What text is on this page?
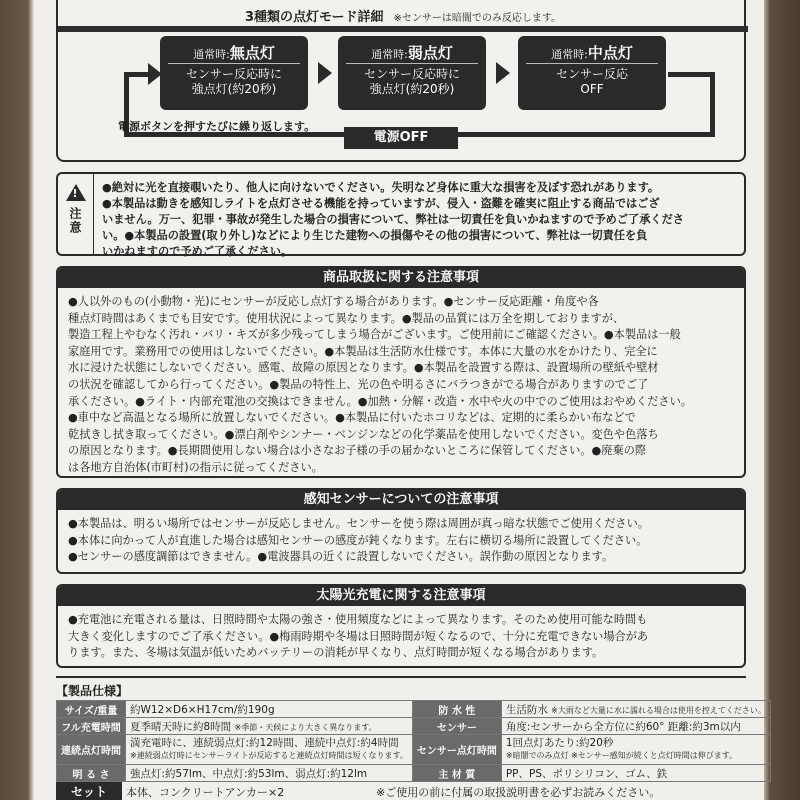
3種類の点灯モード詳細 ※センサーは暗闇でのみ反応します。
通常時:無点灯
センサー反応時に
強点灯(約20秒)
通常時:弱点灯
センサー反応時に
強点灯(約20秒)
通常時:中点灯
センサー反応
OFF
電源ボタンを押すたびに繰り返します。
電源OFF
!
注意

●絶対に光を直接覗いたり、他人に向けないでください。失明など身体に重大な損害を及ぼす恐れがあります。

●本製品は動きを感知しライトを点灯させる機能を持っていますが、侵入・盗難を確実に阻止する商品ではござ

いません。万一、犯罪・事故が発生した場合の損害について、弊社は一切責任を負いかねますので予めご了承くださ

い。●本製品の設置(取り外し)などにより生じた建物への損傷やその他の損害について、弊社は一切責任を負

いかねますので予めご了承ください。

商品取扱に関する注意事項

●人以外のもの(小動物・光)にセンサーが反応し点灯する場合があります。●センサー反応距離・角度や各

種点灯時間はあくまでも目安です。使用状況によって異なります。●製品の品質には万全を期しておりますが、

製造工程上やむなく汚れ・バリ・キズが多少残ってしまう場合がございます。ご使用前にご確認ください。●本製品は一般

家庭用です。業務用での使用はしないでください。●本製品は生活防水仕様です。本体に大量の水をかけたり、完全に

水に浸けた状態にしないでください。感電、故障の原因となります。●本製品を設置する際は、設置場所の壁紙や壁材

の状況を確認してから行ってください。●製品の特性上、光の色や明るさにバラつきがでる場合がありますのでご了

承ください。●ライト・内部充電池の交換はできません。●加熱・分解・改造・水中や火の中でのご使用はおやめください。

●車中など高温となる場所に放置しないでください。●本製品に付いたホコリなどは、定期的に柔らかい布などで

乾拭きし拭き取ってください。●漂白剤やシンナー・ベンジンなどの化学薬品を使用しないでください。変色や色落ち

の原因となります。●長期間使用しない場合は小さなお子様の手の届かないところに保管してください。●廃棄の際

は各地方自治体(市町村)の指示に従ってください。

感知センサーについての注意事項

●本製品は、明るい場所ではセンサーが反応しません。センサーを使う際は周囲が真っ暗な状態でご使用ください。

●本体に向かって人が直進した場合は感知センサーの感度が鈍くなります。左右に横切る場所に設置してください。

●センサーの感度調節はできません。●電波器具の近くに設置しないでください。誤作動の原因となります。

太陽光充電に関する注意事項

●充電池に充電される量は、日照時間や太陽の強さ・使用頻度などによって異なります。そのため使用可能な時間も

大きく変化しますのでご了承ください。●梅雨時期や冬場は日照時間が短くなるので、十分に充電できない場合があ

ります。また、冬場は気温が低いためバッテリーの消耗が早くなり、点灯時間が短くなる場合があります。

【製品仕様】
サイズ/重量	約W12×D6×H17cm/約190g	防 水 性	生活防水 ※大雨など大量に水に濡れる場合は使用を控えてください。
フル充電時間	夏季晴天時に約8時間 ※季節・天候により大きく異なります。	センサー	角度:センサーから全方位に約60° 距離:約3m以内
連続点灯時間	満充電時に、連続弱点灯:約12時間、連続中点灯:約4時間
※連続弱点灯時にセンサーライトが反応すると連続点灯時間は短くなります。	センサー点灯時間	1回点灯あたり:約20秒
※暗闇でのみ点灯 ※センサー感知が続くと点灯時間は伸びます。
明 る さ	強点灯:約57lm、中点灯:約53lm、弱点灯:約12lm	主 材 質	PP、PS、ポリシリコン、ゴム、鉄
セット	本体、コンクリートアンカー×2	※ご使用の前に付属の取扱説明書を必ずお読みください。
